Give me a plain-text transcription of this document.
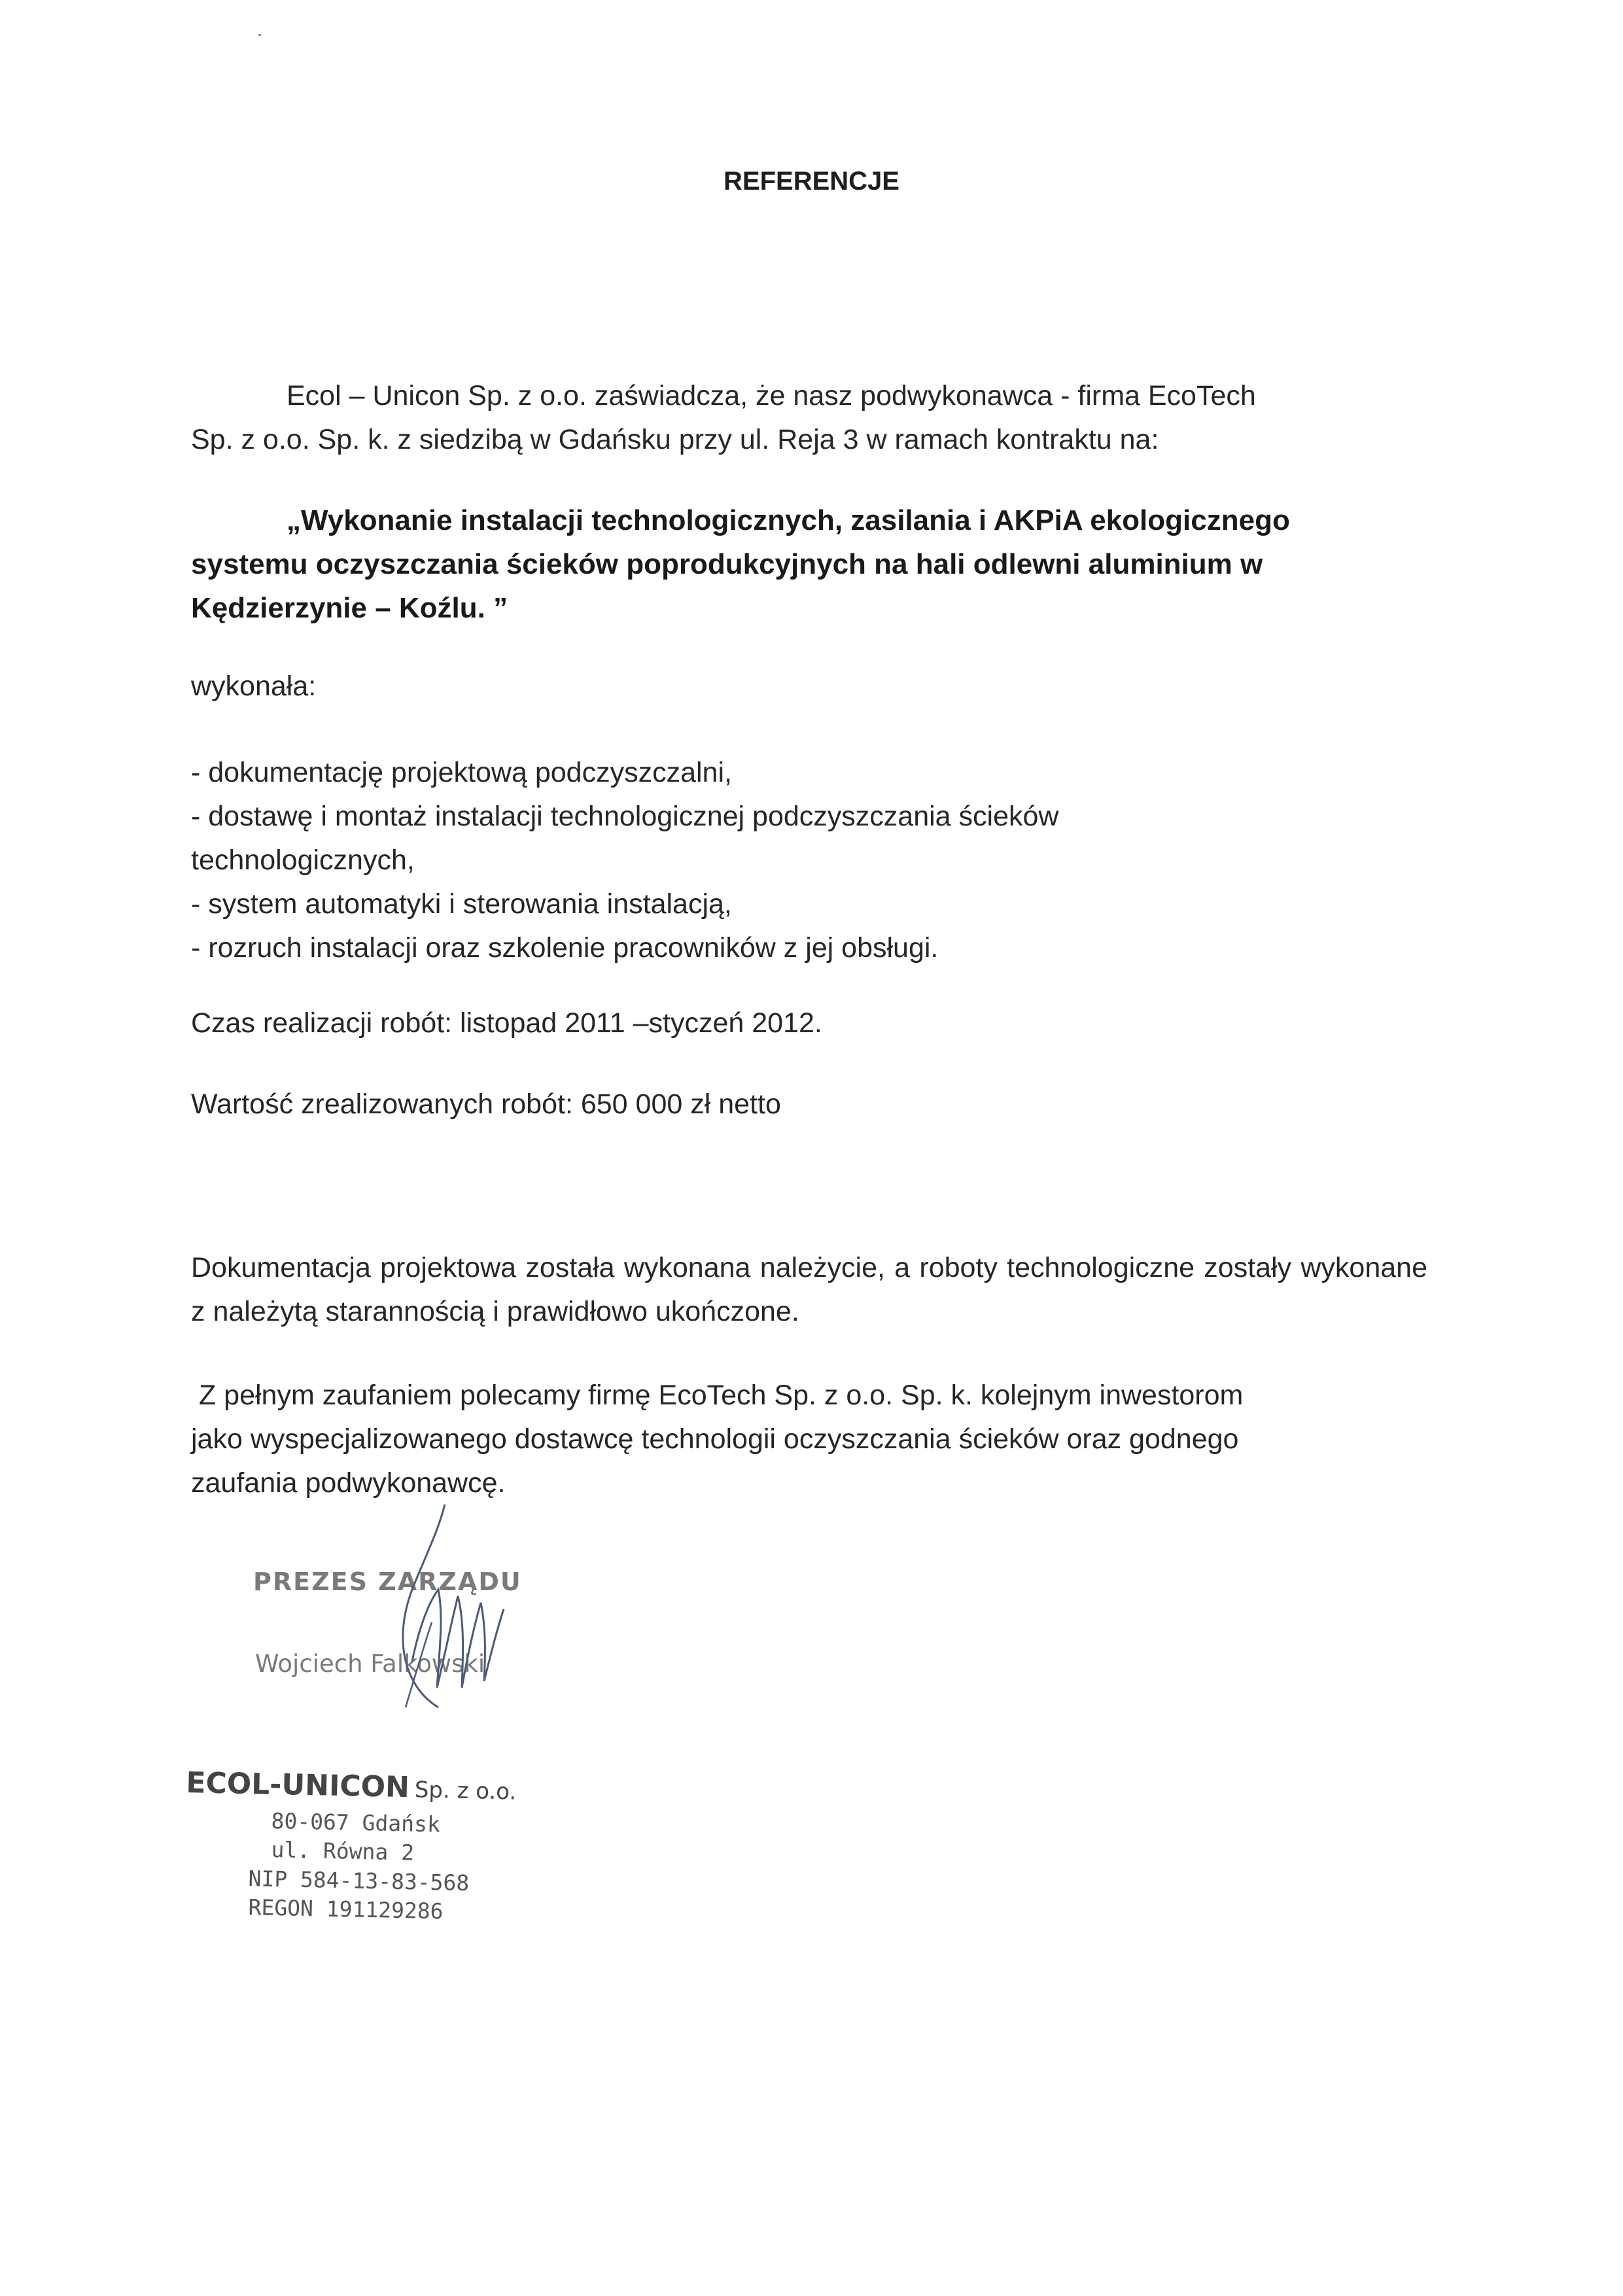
REFERENCJE
Ecol – Unicon Sp. z o.o. zaświadcza, że nasz podwykonawca - firma EcoTech
Sp. z o.o. Sp. k. z siedzibą w Gdańsku przy ul. Reja 3 w ramach kontraktu na:
„Wykonanie instalacji technologicznych, zasilania i AKPiA ekologicznego
systemu oczyszczania ścieków poprodukcyjnych na hali odlewni aluminium w
Kędzierzynie – Koźlu. ”
wykonała:
- dokumentację projektową podczyszczalni,
- dostawę i montaż instalacji technologicznej podczyszczania ścieków
technologicznych,
- system automatyki i sterowania instalacją,
- rozruch instalacji oraz szkolenie pracowników z jej obsługi.
Czas realizacji robót: listopad 2011 –styczeń 2012.
Wartość zrealizowanych robót: 650 000 zł netto
Dokumentacja projektowa została wykonana należycie, a roboty technologiczne zostały wykonane z należytą starannością i prawidłowo ukończone.
Z pełnym zaufaniem polecamy firmę EcoTech Sp. z o.o. Sp. k. kolejnym inwestorom
jako wyspecjalizowanego dostawcę technologii oczyszczania ścieków oraz godnego
zaufania podwykonawcę.
PREZES ZARZĄDU
Wojciech Falkowski
ECOL-UNICON Sp. z o.o.
80-067 Gdańsk
ul. Równa 2
NIP 584-13-83-568
REGON 191129286
